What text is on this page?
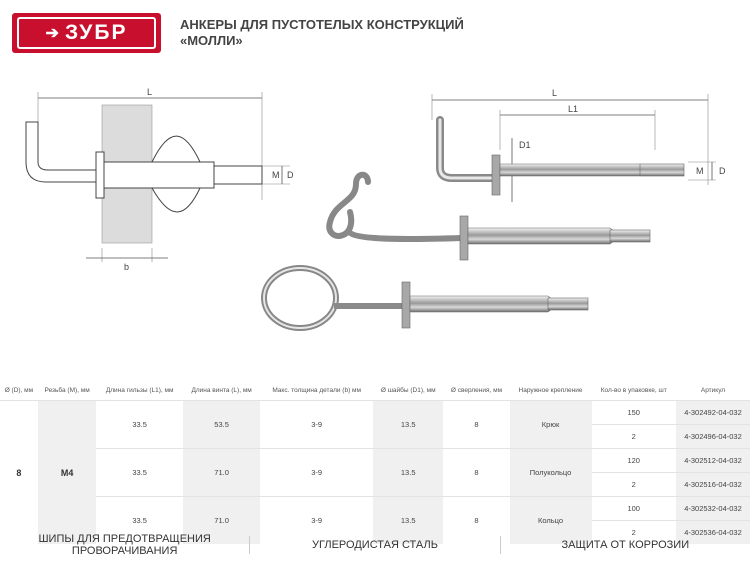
➔ ЗУБР	АНКЕРЫ ДЛЯ ПУСТОТЕЛЫХ КОНСТРУКЦИЙ
«МОЛЛИ»
L
M D
b
L
L1
D1
M D
Ø (D), мм	Резьба (M), мм	Длина гильзы (L1), мм	Длина винта (L), мм	Макс. толщина детали (b) мм	Ø шайбы (D1), мм	Ø сверления, мм	Наружное крепление	Кол-во в упаковке, шт	Артикул
8	M4	33.5	53.5	3-9	13.5	8	Крюк	150	4-302492-04-032
								2	4-302496-04-032
		33.5	71.0	3-9	13.5	8	Полукольцо	120	4-302512-04-032
								2	4-302516-04-032
		33.5	71.0	3-9	13.5	8	Кольцо	100	4-302532-04-032
								2	4-302536-04-032
ШИПЫ ДЛЯ ПРЕДОТВРАЩЕНИЯ ПРОВОРАЧИВАНИЯ	УГЛЕРОДИСТАЯ СТАЛЬ	ЗАЩИТА ОТ КОРРОЗИИ
